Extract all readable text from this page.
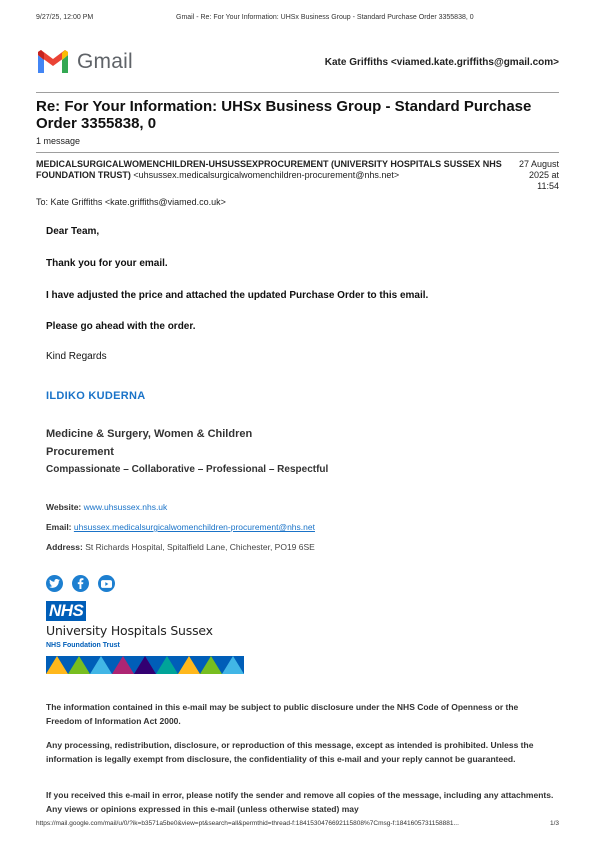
9/27/25, 12:00 PM	Gmail - Re: For Your Information: UHSx Business Group - Standard Purchase Order 3355838, 0
Gmail	Kate Griffiths <viamed.kate.griffiths@gmail.com>
Re: For Your Information: UHSx Business Group - Standard Purchase Order 3355838, 0
1 message
MEDICALSURGICALWOMENCHILDREN-UHSUSSEXPROCUREMENT (UNIVERSITY HOSPITALS SUSSEX NHS FOUNDATION TRUST) <uhsussex.medicalsurgicalwomenchildren-procurement@nhs.net>
27 August
2025 at
11:54
To: Kate Griffiths <kate.griffiths@viamed.co.uk>
Dear Team,
Thank you for your email.
I have adjusted the price and attached the updated Purchase Order to this email.
Please go ahead with the order.
Kind Regards
ILDIKO KUDERNA
Medicine & Surgery, Women & Children
Procurement
Compassionate – Collaborative – Professional – Respectful
Website: www.uhsussex.nhs.uk
Email: uhsussex.medicalsurgicalwomenchildren-procurement@nhs.net
Address: St Richards Hospital, Spitalfield Lane, Chichester, PO19 6SE
NHS
University Hospitals Sussex
NHS Foundation Trust
The information contained in this e-mail may be subject to public disclosure under the NHS Code of Openness or the Freedom of Information Act 2000.
Any processing, redistribution, disclosure, or reproduction of this message, except as intended is prohibited. Unless the information is legally exempt from disclosure, the confidentiality of this e-mail and your reply cannot be guaranteed.
If you received this e-mail in error, please notify the sender and remove all copies of the message, including any attachments. Any views or opinions expressed in this e-mail (unless otherwise stated) may
https://mail.google.com/mail/u/0/?ik=b3571a5be0&view=pt&search=all&permthid=thread-f:1841530476692115808%7Cmsg-f:1841605731158881...	1/3
